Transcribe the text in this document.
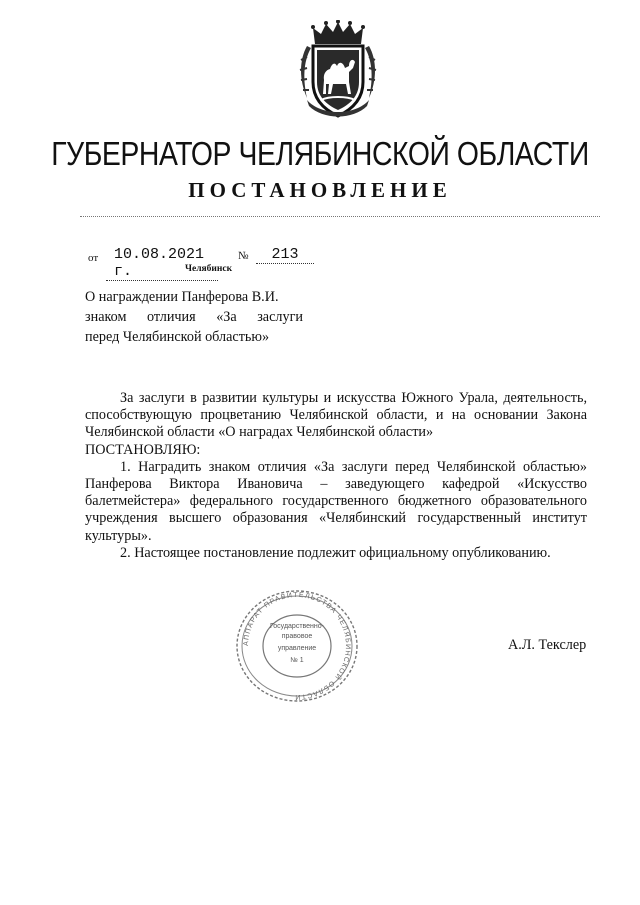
ГУБЕРНАТОР ЧЕЛЯБИНСКОЙ ОБЛАСТИ
ПОСТАНОВЛЕНИЕ
от	10.08.2021 г.
№	213
Челябинск
О награждении Панферова В.И.
знаком отличия «За заслуги
перед Челябинской областью»

За заслуги в развитии культуры и искусства Южного Урала, деятельность, способствующую процветанию Челябинской области, и на основании Закона Челябинской области «О наградах Челябинской области»

ПОСТАНОВЛЯЮ:

1. Наградить знаком отличия «За заслуги перед Челябинской областью» Панферова Виктора Ивановича – заведующего кафедрой «Искусство балетмейстера» федерального государственного бюджетного образовательного учреждения высшего образования «Челябинский государственный институт культуры».

2. Настоящее постановление подлежит официальному опубликованию.

АППАРАТ ПРАВИТЕЛЬСТВА ЧЕЛЯБИНСКОЙ ОБЛАСТИ
Государственно-
правовое
управление
№ 1
А.Л. Текслер
